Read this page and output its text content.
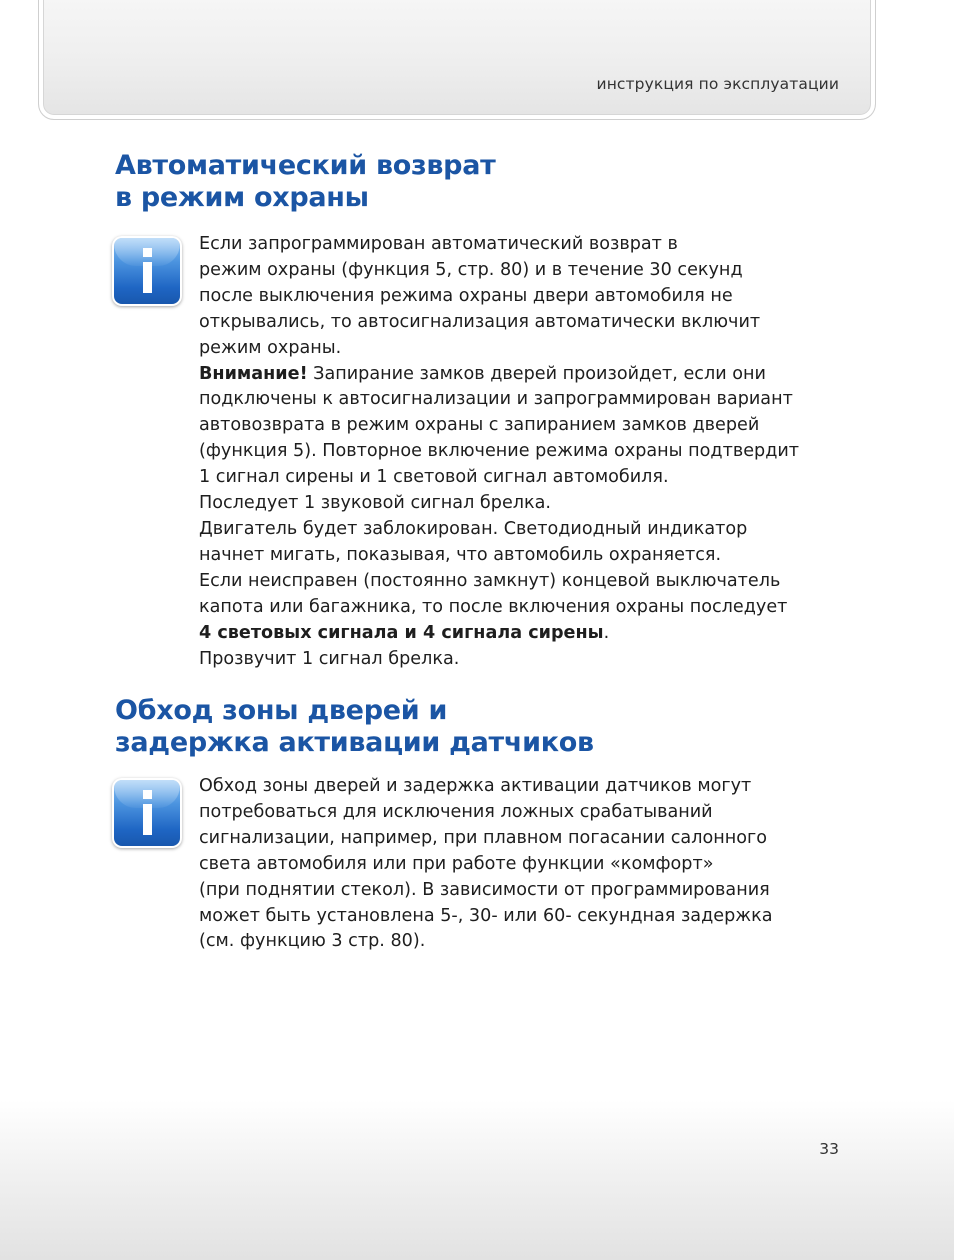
инструкция по эксплуатации
Автоматический возврат
в режим охраны
Если запрограммирован автоматический возврат в
режим охраны (функция 5, стр. 80) и в течение 30 секунд
после выключения режима охраны двери автомобиля не
открывались, то автосигнализация автоматически включит
режим охраны.
Внимание! Запирание замков дверей произойдет, если они
подключены к автосигнализации и запрограммирован вариант
автовозврата в режим охраны с запиранием замков дверей
(функция 5). Повторное включение режима охраны подтвердит
1 сигнал сирены и 1 световой сигнал автомобиля.
Последует 1 звуковой сигнал брелка.
Двигатель будет заблокирован. Светодиодный индикатор
начнет мигать, показывая, что автомобиль охраняется.
Если неисправен (постоянно замкнут) концевой выключатель
капота или багажника, то после включения охраны последует
4 световых сигнала и 4 сигнала сирены.
Прозвучит 1 сигнал брелка.
Обход зоны дверей и
задержка активации датчиков
Обход зоны дверей и задержка активации датчиков могут
потребоваться для исключения ложных срабатываний
сигнализации, например, при плавном погасании салонного
света автомобиля или при работе функции «комфорт»
(при поднятии стекол). В зависимости от программирования
может быть установлена 5-, 30- или 60- секундная задержка
(см. функцию 3 стр. 80).
33
